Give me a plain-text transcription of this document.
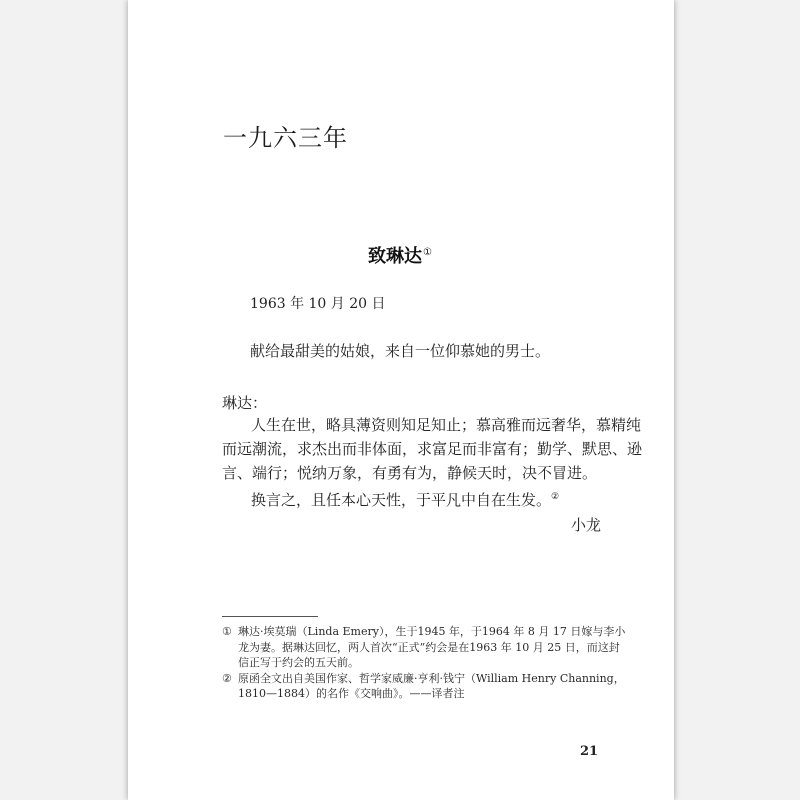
一九六三年
致琳达①
1963 年 10 月 20 日
献给最甜美的姑娘，来自一位仰慕她的男士。
琳达：
人生在世，略具薄资则知足知止；慕高雅而远奢华，慕精纯
而远潮流，求杰出而非体面，求富足而非富有；勤学、默思、逊
言、端行；悦纳万象，有勇有为，静候天时，决不冒进。
换言之，且任本心天性，于平凡中自在生发。②
小龙
① 琳达·埃莫瑞（Linda Emery），生于1945 年，于1964 年 8 月 17 日嫁与李小
龙为妻。据琳达回忆，两人首次“正式”约会是在1963 年 10 月 25 日，而这封
信正写于约会的五天前。
② 原函全文出自美国作家、哲学家威廉·亨利·钱宁（William Henry Channing，
1810—1884）的名作《交响曲》。——译者注
21
